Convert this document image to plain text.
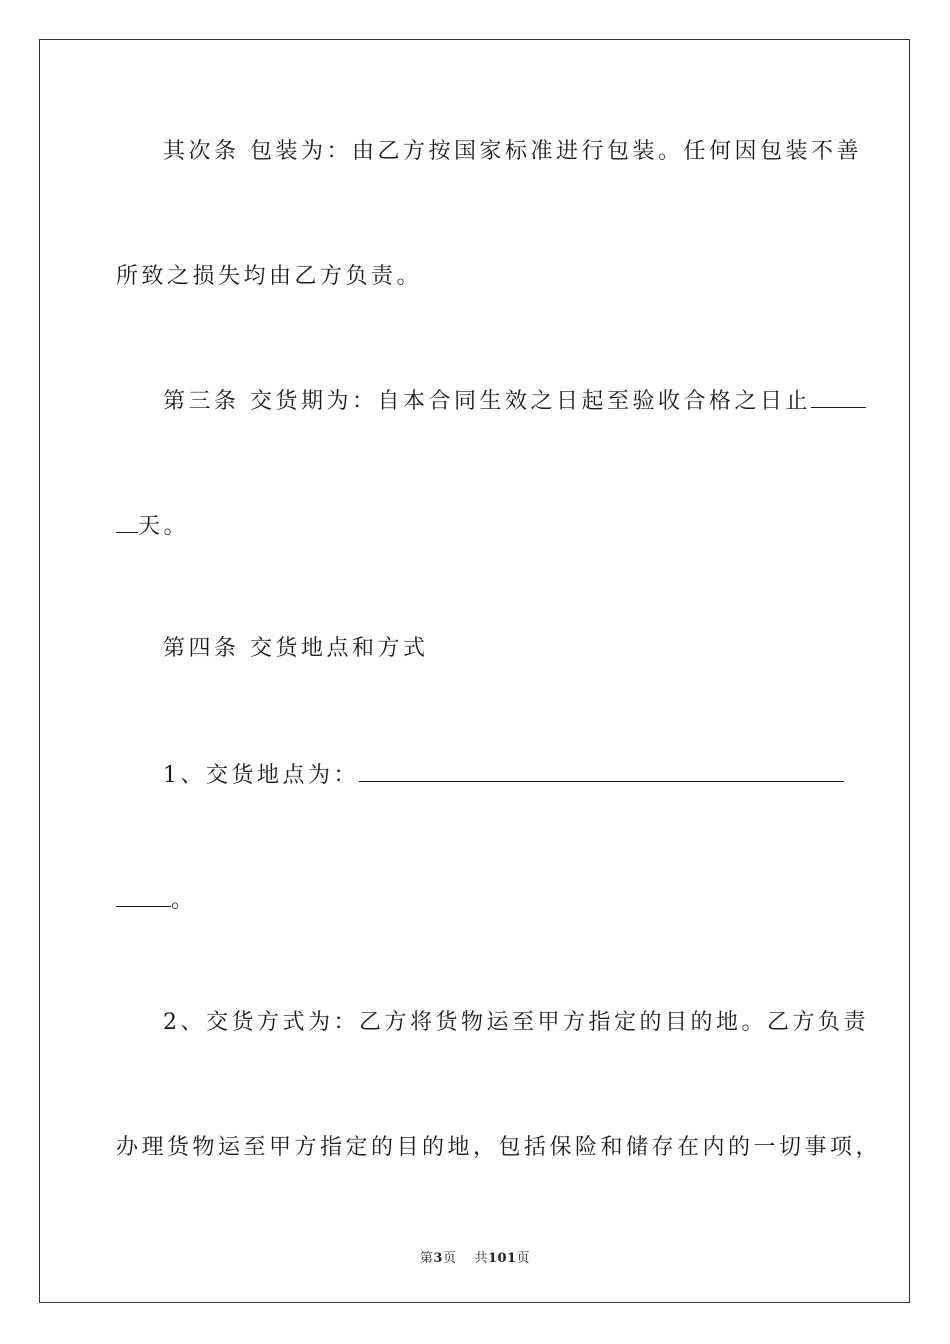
其次条 包装为：由乙方按国家标准进行包装。任何因包装不善
所致之损失均由乙方负责。
第三条 交货期为：自本合同生效之日起至验收合格之日止
天。
第四条 交货地点和方式
1、交货地点为：
。
2、交货方式为：乙方将货物运至甲方指定的目的地。乙方负责
办理货物运至甲方指定的目的地，包括保险和储存在内的一切事项，
第3页 共101页
